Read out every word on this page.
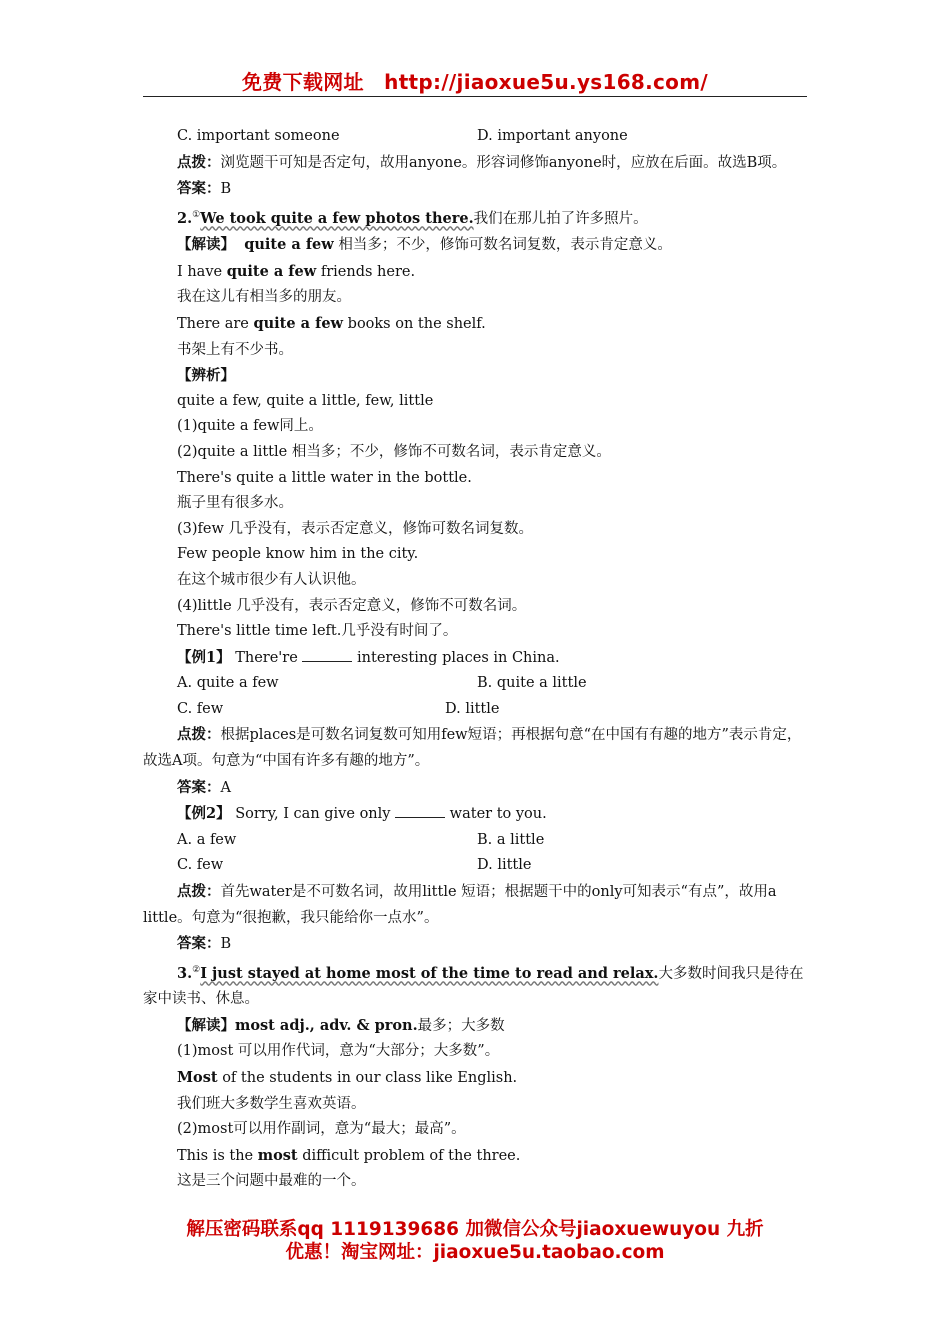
免费下载网址 http://jiaoxue5u.ys168.com/
C. important someone	D. important anyone
点拨：浏览题干可知是否定句，故用anyone。形容词修饰anyone时，应放在后面。故选B项。
答案：B
2.①We took quite a few photos there.我们在那儿拍了许多照片。
【解读】 quite a few 相当多；不少，修饰可数名词复数，表示肯定意义。
I have quite a few friends here.
我在这儿有相当多的朋友。
There are quite a few books on the shelf.
书架上有不少书。
【辨析】
quite a few, quite a little, few, little
(1)quite a few同上。
(2)quite a little 相当多；不少，修饰不可数名词，表示肯定意义。
There's quite a little water in the bottle.
瓶子里有很多水。
(3)few 几乎没有，表示否定意义，修饰可数名词复数。
Few people know him in the city.
在这个城市很少有人认识他。
(4)little 几乎没有，表示否定意义，修饰不可数名词。
There's little time left.几乎没有时间了。
【例1】 There're	interesting places in China.
A. quite a few	B. quite a little
C. few	D. little
点拨：根据places是可数名词复数可知用few短语；再根据句意“在中国有有趣的地方”表示肯定，故选A项。句意为“中国有许多有趣的地方”。
答案：A
【例2】 Sorry, I can give only	water to you.
A. a few	B. a little
C. few	D. little
点拨：首先water是不可数名词，故用little 短语；根据题干中的only可知表示“有点”，故用a little。句意为“很抱歉，我只能给你一点水”。
答案：B
3.②I just stayed at home most of the time to read and relax.大多数时间我只是待在家中读书、休息。
【解读】most adj., adv. & pron.最多；大多数
(1)most 可以用作代词，意为“大部分；大多数”。
Most of the students in our class like English.
我们班大多数学生喜欢英语。
(2)most可以用作副词，意为“最大；最高”。
This is the most difficult problem of the three.
这是三个问题中最难的一个。
解压密码联系qq 1119139686 加微信公众号jiaoxuewuyou 九折
优惠！淘宝网址：jiaoxue5u.taobao.com
